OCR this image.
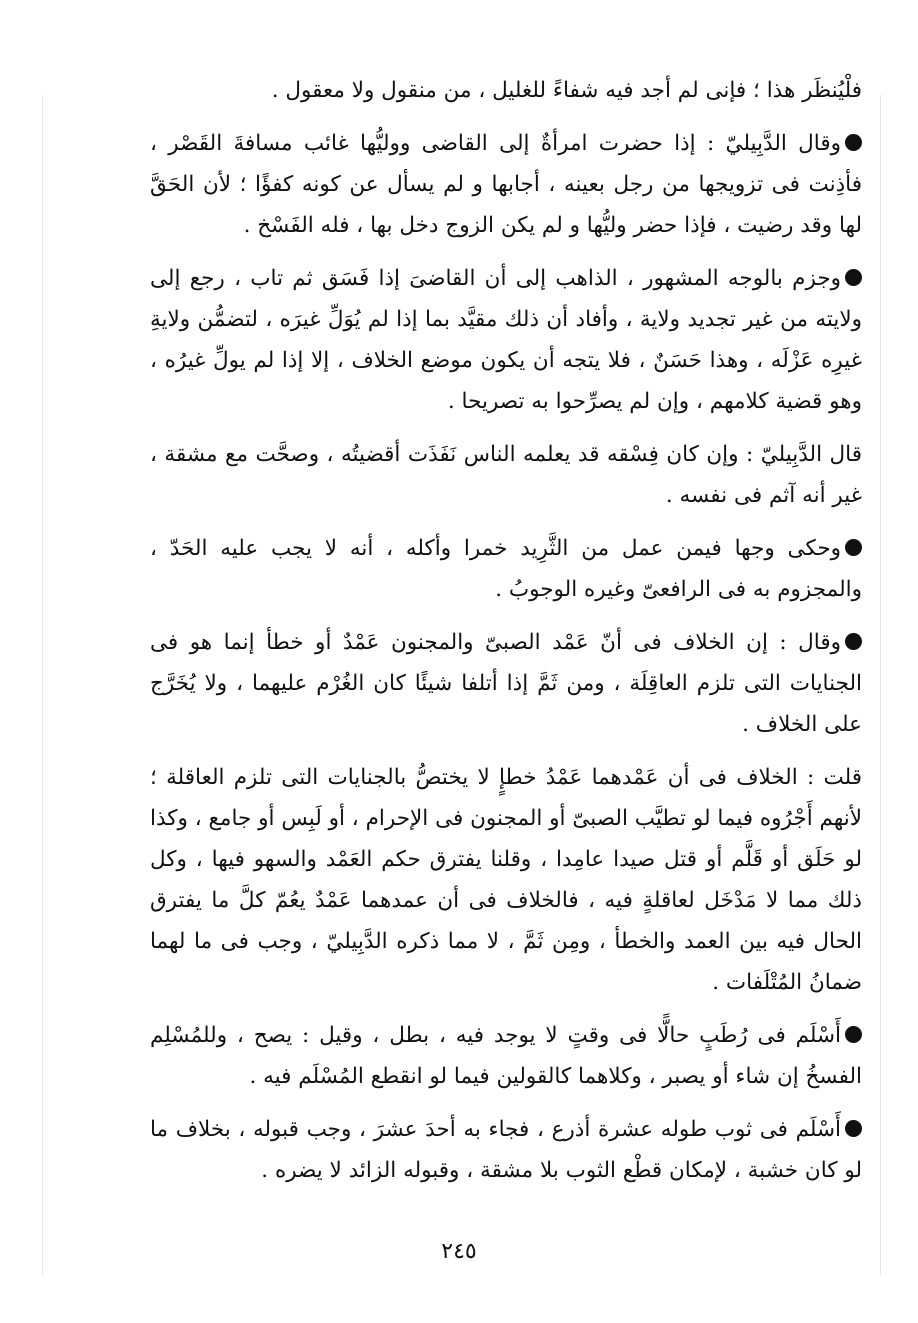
فلْيُنظَر هذا ؛ فإنى لم أجد فيه شفاءً للغليل ، من منقول ولا معقول .

وقال الدَّبِيليّ : إذا حضرت امرأةٌ إلى القاضى ووليُّها غائب مسافةَ القَصْر ، فأذِنت فى تزويجها من رجل بعينه ، أجابها و لم يسأل عن كونه كفؤًا ؛ لأن الحَقَّ لها وقد رضيت ، فإذا حضر وليُّها و لم يكن الزوج دخل بها ، فله الفَسْخ .

وجزم بالوجه المشهور ، الذاهب إلى أن القاضىَ إذا فَسَق ثم تاب ، رجع إلى ولايته من غير تجديد ولاية ، وأفاد أن ذلك مقيَّد بما إذا لم يُوَلِّ غيرَه ، لتضمُّن ولايةِ غيرِه عَزْلَه ، وهذا حَسَنٌ ، فلا يتجه أن يكون موضع الخلاف ، إلا إذا لم يولِّ غيرُه ، وهو قضية كلامهم ، وإن لم يصرِّحوا به تصريحا .

قال الدَّبِيليّ : وإن كان فِسْقه قد يعلمه الناس نَفَذَت أقضيتُه ، وصحَّت مع مشقة ، غير أنه آثم فى نفسه .

وحكى وجها فيمن عمل من الثَّرِيد خمرا وأكله ، أنه لا يجب عليه الحَدّ ، والمجزوم به فى الرافعىّ وغيره الوجوبُ .

وقال : إن الخلاف فى أنّ عَمْد الصبىّ والمجنون عَمْدٌ أو خطأ إنما هو فى الجنايات التى تلزم العاقِلَة ، ومن ثَمَّ إذا أتلفا شيئًا كان الغُرْم عليهما ، ولا يُخَرَّج على الخلاف .

قلت : الخلاف فى أن عَمْدهما عَمْدُ خطإٍ لا يختصُّ بالجنايات التى تلزم العاقلة ؛ لأنهم أَجْرُوه فيما لو تطيَّب الصبىّ أو المجنون فى الإحرام ، أو لَبِس أو جامع ، وكذا لو حَلَق أو قَلَّم أو قتل صيدا عامِدا ، وقلنا يفترق حكم العَمْد والسهو فيها ، وكل ذلك مما لا مَدْخَل لعاقلةٍ فيه ، فالخلاف فى أن عمدهما عَمْدٌ يعُمّ كلَّ ما يفترق الحال فيه بين العمد والخطأ ، ومِن ثَمَّ ، لا مما ذكره الدَّبِيليّ ، وجب فى ما لهما ضمانُ المُتْلَفات .

أَسْلَم فى رُطَبٍ حالًّا فى وقتٍ لا يوجد فيه ، بطل ، وقيل : يصح ، وللمُسْلِم الفسخُ إن شاء أو يصبر ، وكلاهما كالقولين فيما لو انقطع المُسْلَم فيه .

أَسْلَم فى ثوب طوله عشرة أذرع ، فجاء به أحدَ عشرَ ، وجب قبوله ، بخلاف ما لو كان خشبة ، لإمكان قطْع الثوب بلا مشقة ، وقبوله الزائد لا يضره .

٢٤٥
